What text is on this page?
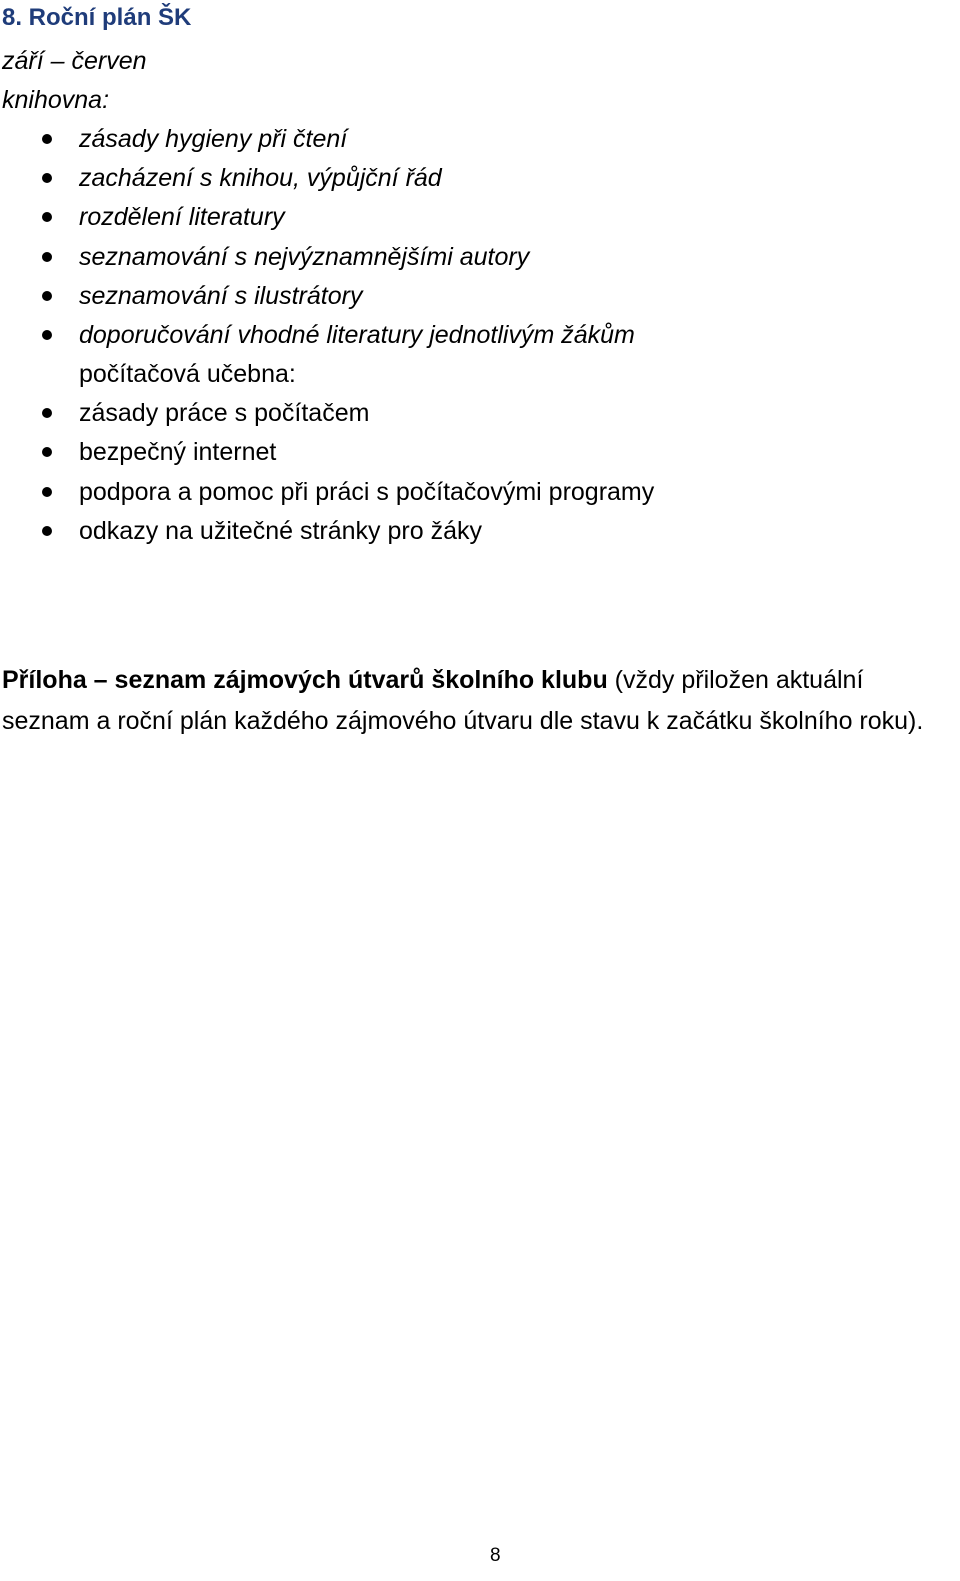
8. Roční plán ŠK
září – červen
knihovna:
zásady hygieny při čtení
zacházení s knihou, výpůjční řád
rozdělení literatury
seznamování s nejvýznamnějšími autory
seznamování s ilustrátory
doporučování vhodné literatury jednotlivým žákům
počítačová učebna:
zásady práce s počítačem
bezpečný internet
podpora a pomoc při práci s počítačovými programy
odkazy na užitečné stránky pro žáky
Příloha – seznam zájmových útvarů školního klubu (vždy přiložen aktuální seznam a roční plán každého zájmového útvaru dle stavu k začátku školního roku).
8
